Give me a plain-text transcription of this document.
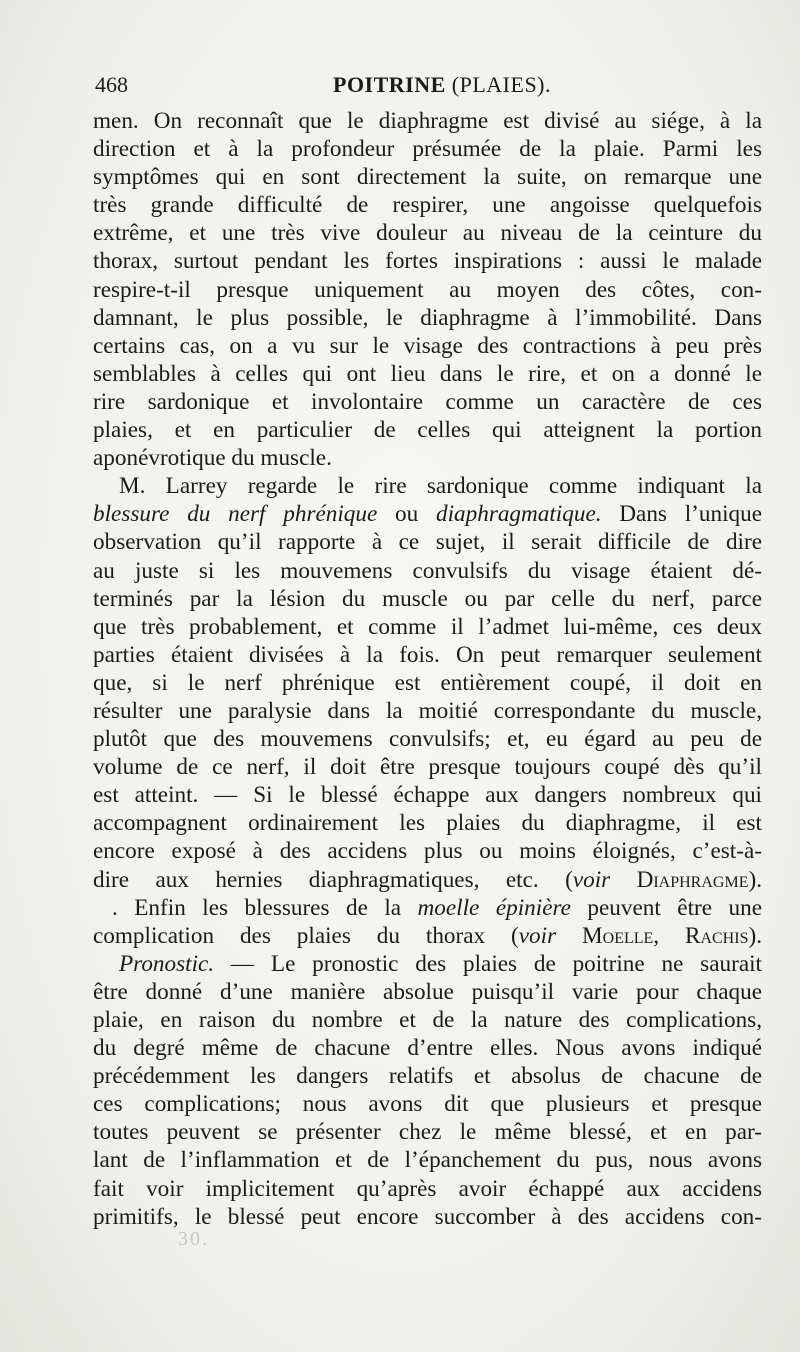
468	POITRINE (PLAIES).
men. On reconnaît que le diaphragme est divisé au siége, à la
direction et à la profondeur présumée de la plaie. Parmi les
symptômes qui en sont directement la suite, on remarque une
très grande difficulté de respirer, une angoisse quelquefois
extrême, et une très vive douleur au niveau de la ceinture du
thorax, surtout pendant les fortes inspirations : aussi le malade
respire-t-il presque uniquement au moyen des côtes, con-
damnant, le plus possible, le diaphragme à l’immobilité. Dans
certains cas, on a vu sur le visage des contractions à peu près
semblables à celles qui ont lieu dans le rire, et on a donné le
rire sardonique et involontaire comme un caractère de ces
plaies, et en particulier de celles qui atteignent la portion
aponévrotique du muscle.
M. Larrey regarde le rire sardonique comme indiquant la
blessure du nerf phrénique ou diaphragmatique. Dans l’unique
observation qu’il rapporte à ce sujet, il serait difficile de dire
au juste si les mouvemens convulsifs du visage étaient dé-
terminés par la lésion du muscle ou par celle du nerf, parce
que très probablement, et comme il l’admet lui-même, ces deux
parties étaient divisées à la fois. On peut remarquer seulement
que, si le nerf phrénique est entièrement coupé, il doit en
résulter une paralysie dans la moitié correspondante du muscle,
plutôt que des mouvemens convulsifs; et, eu égard au peu de
volume de ce nerf, il doit être presque toujours coupé dès qu’il
est atteint. — Si le blessé échappe aux dangers nombreux qui
accompagnent ordinairement les plaies du diaphragme, il est
encore exposé à des accidens plus ou moins éloignés, c’est-à-
dire aux hernies diaphragmatiques, etc. (voir Diaphragme).
. Enfin les blessures de la moelle épinière peuvent être une
complication des plaies du thorax (voir Moelle, Rachis).
Pronostic. — Le pronostic des plaies de poitrine ne saurait
être donné d’une manière absolue puisqu’il varie pour chaque
plaie, en raison du nombre et de la nature des complications,
du degré même de chacune d’entre elles. Nous avons indiqué
précédemment les dangers relatifs et absolus de chacune de
ces complications; nous avons dit que plusieurs et presque
toutes peuvent se présenter chez le même blessé, et en par-
lant de l’inflammation et de l’épanchement du pus, nous avons
fait voir implicitement qu’après avoir échappé aux accidens
primitifs, le blessé peut encore succomber à des accidens con-
30.
